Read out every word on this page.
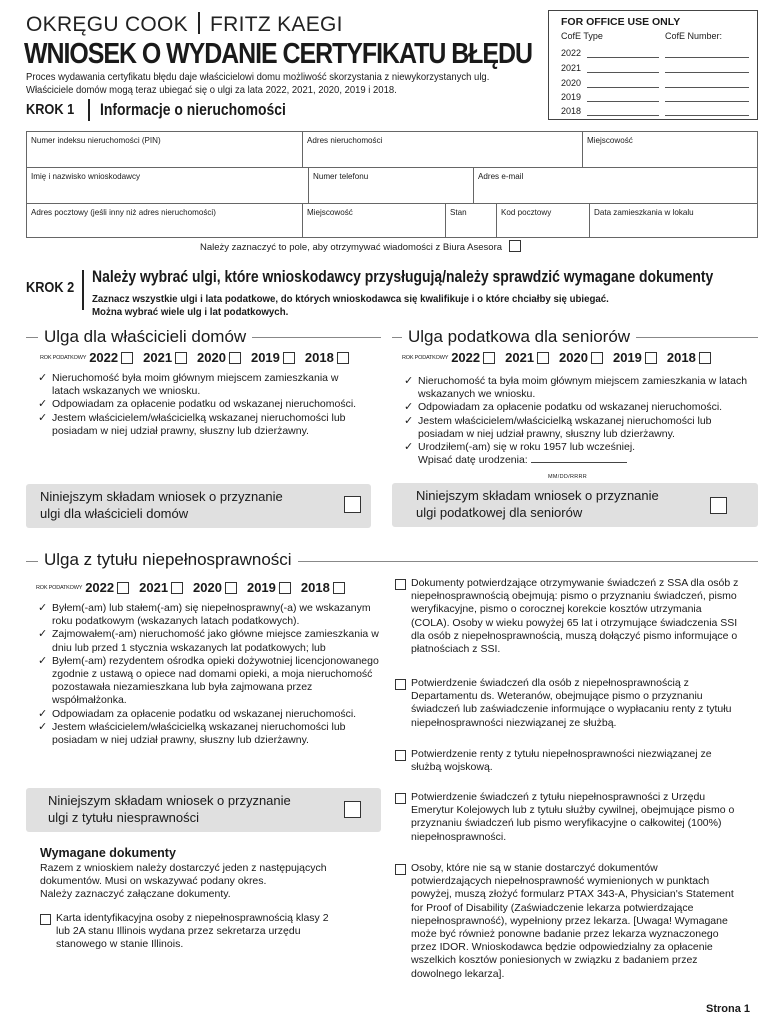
OKRĘGU COOK FRITZ KAEGI
WNIOSEK O WYDANIE CERTYFIKATU BŁĘDU
Proces wydawania certyfikatu błędu daje właścicielowi domu możliwość skorzystania z niewykorzystanych ulg.
Właściciele domów mogą teraz ubiegać się o ulgi za lata 2022, 2021, 2020, 2019 i 2018.
FOR OFFICE USE ONLY
CofE Type	CofE Number:
2022
2021
2020
2019
2018
KROK 1 Informacje o nieruchomości
Numer indeksu nieruchomości (PIN)	Adres nieruchomości	Miejscowość
Imię i nazwisko wnioskodawcy	Numer telefonu	Adres e-mail
Adres pocztowy (jeśli inny niż adres nieruchomości)	Miejscowość	Stan	Kod pocztowy	Data zamieszkania w lokalu
Należy zaznaczyć to pole, aby otrzymywać wiadomości z Biura Asesora
KROK 2
Należy wybrać ulgi, które wnioskodawcy przysługują/należy sprawdzić wymagane dokumenty
Zaznacz wszystkie ulgi i lata podatkowe, do których wnioskodawca się kwalifikuje i o które chciałby się ubiegać.
Można wybrać wiele ulg i lat podatkowych.
Ulga dla właścicieli domów
ROK PODATKOWY 2022 2021 2020 2019 2018
✓ Nieruchomość była moim głównym miejscem zamieszkania w latach wskazanych we wniosku.
✓ Odpowiadam za opłacenie podatku od wskazanej nieruchomości.
✓ Jestem właścicielem/właścicielką wskazanej nieruchomości lub posiadam w niej udział prawny, słuszny lub dzierżawny.
Niniejszym składam wniosek o przyznanie
ulgi dla właścicieli domów
Ulga podatkowa dla seniorów
ROK PODATKOWY 2022 2021 2020 2019 2018
✓ Nieruchomość ta była moim głównym miejscem zamieszkania w latach wskazanych we wniosku.
✓ Odpowiadam za opłacenie podatku od wskazanej nieruchomości.
✓ Jestem właścicielem/właścicielką wskazanej nieruchomości lub posiadam w niej udział prawny, słuszny lub dzierżawny.
✓ Urodziłem(-am) się w roku 1957 lub wcześniej.
Wpisać datę urodzenia:
MM/DD/RRRR
Niniejszym składam wniosek o przyznanie
ulgi podatkowej dla seniorów
Ulga z tytułu niepełnosprawności
ROK PODATKOWY 2022 2021 2020 2019 2018
✓ Byłem(-am) lub stałem(-am) się niepełnosprawny(-a) we wskazanym roku podatkowym (wskazanych latach podatkowych).
✓ Zajmowałem(-am) nieruchomość jako główne miejsce zamieszkania w dniu lub przed 1 stycznia wskazanych lat podatkowych; lub
✓ Byłem(-am) rezydentem ośrodka opieki dożywotniej licencjonowanego zgodnie z ustawą o opiece nad domami opieki, a moja nieruchomość pozostawała niezamieszkana lub była zajmowana przez współmałżonka.
✓ Odpowiadam za opłacenie podatku od wskazanej nieruchomości.
✓ Jestem właścicielem/właścicielką wskazanej nieruchomości lub posiadam w niej udział prawny, słuszny lub dzierżawny.
Niniejszym składam wniosek o przyznanie
ulgi z tytułu niesprawności
Wymagane dokumenty
Razem z wnioskiem należy dostarczyć jeden z następujących dokumentów. Musi on wskazywać podany okres.
Należy zaznaczyć załączane dokumenty.
Karta identyfikacyjna osoby z niepełnosprawnością klasy 2 lub 2A stanu Illinois wydana przez sekretarza urzędu stanowego w stanie Illinois.
Dokumenty potwierdzające otrzymywanie świadczeń z SSA dla osób z niepełnosprawnością obejmują: pismo o przyznaniu świadczeń, pismo weryfikacyjne, pismo o corocznej korekcie kosztów utrzymania (COLA). Osoby w wieku powyżej 65 lat i otrzymujące świadczenia SSI dla osób z niepełnosprawnością, muszą dołączyć pismo informujące o płatnościach z SSI.
Potwierdzenie świadczeń dla osób z niepełnosprawnością z Departamentu ds. Weteranów, obejmujące pismo o przyznaniu świadczeń lub zaświadczenie informujące o wypłacaniu renty z tytułu niepełnosprawności niezwiązanej ze służbą.
Potwierdzenie renty z tytułu niepełnosprawności niezwiązanej ze służbą wojskową.
Potwierdzenie świadczeń z tytułu niepełnosprawności z Urzędu Emerytur Kolejowych lub z tytułu służby cywilnej, obejmujące pismo o przyznaniu świadczeń lub pismo weryfikacyjne o całkowitej (100%) niepełnosprawności.
Osoby, które nie są w stanie dostarczyć dokumentów potwierdzających niepełnosprawność wymienionych w punktach powyżej, muszą złożyć formularz PTAX 343-A, Physician's Statement for Proof of Disability (Zaświadczenie lekarza potwierdzające niepełnosprawność), wypełniony przez lekarza. [Uwaga! Wymagane może być również ponowne badanie przez lekarza wyznaczonego przez IDOR. Wnioskodawca będzie odpowiedzialny za opłacenie wszelkich kosztów poniesionych w związku z badaniem przez dowolnego lekarza].
Strona 1
